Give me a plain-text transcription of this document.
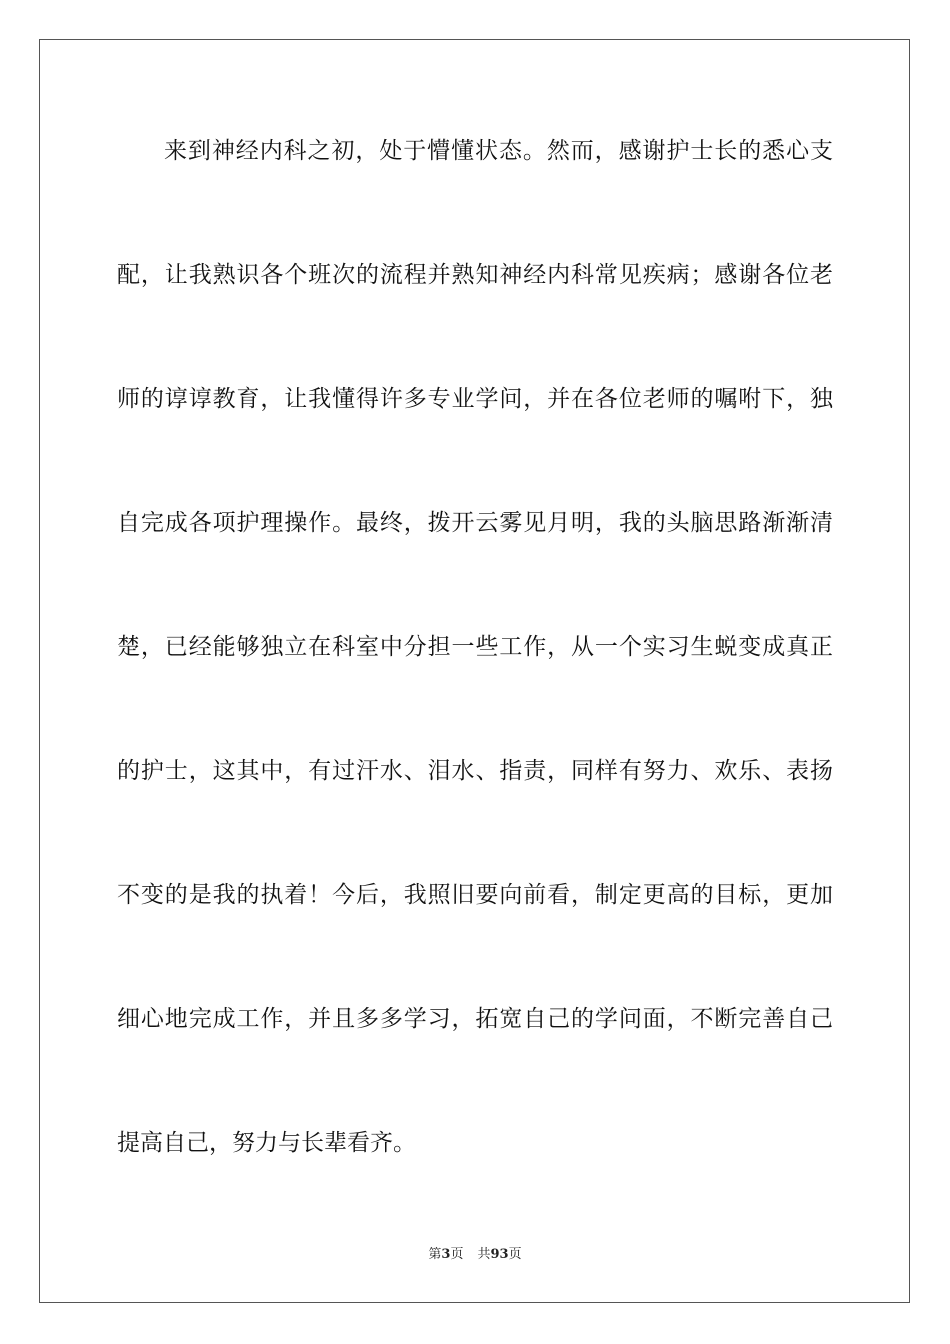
来到神经内科之初，处于懵懂状态。然而，感谢护士长的悉心支
配，让我熟识各个班次的流程并熟知神经内科常见疾病；感谢各位老
师的谆谆教育，让我懂得许多专业学问，并在各位老师的嘱咐下，独
自完成各项护理操作。最终，拨开云雾见月明，我的头脑思路渐渐清
楚，已经能够独立在科室中分担一些工作，从一个实习生蜕变成真正
的护士，这其中，有过汗水、泪水、指责，同样有努力、欢乐、表扬
不变的是我的执着！今后，我照旧要向前看，制定更高的目标，更加
细心地完成工作，并且多多学习，拓宽自己的学问面，不断完善自己
提高自己，努力与长辈看齐。
第3页 共93页
